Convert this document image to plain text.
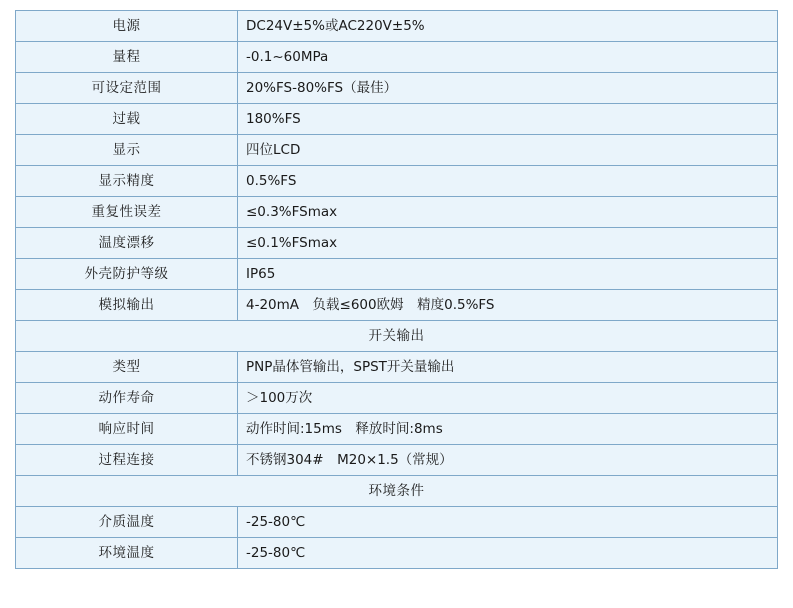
电源	DC24V±5%或AC220V±5%
量程	-0.1~60MPa
可设定范围	20%FS-80%FS（最佳）
过载	180%FS
显示	四位LCD
显示精度	0.5%FS
重复性误差	≤0.3%FSmax
温度漂移	≤0.1%FSmax
外壳防护等级	IP65
模拟输出	4-20mA　负载≤600欧姆　精度0.5%FS
开关输出	
类型	PNP晶体管输出，SPST开关量输出
动作寿命	＞100万次
响应时间	动作时间:15ms　释放时间:8ms
过程连接	不锈钢304#　M20×1.5（常规）
环境条件	
介质温度	-25-80℃
环境温度	-25-80℃
